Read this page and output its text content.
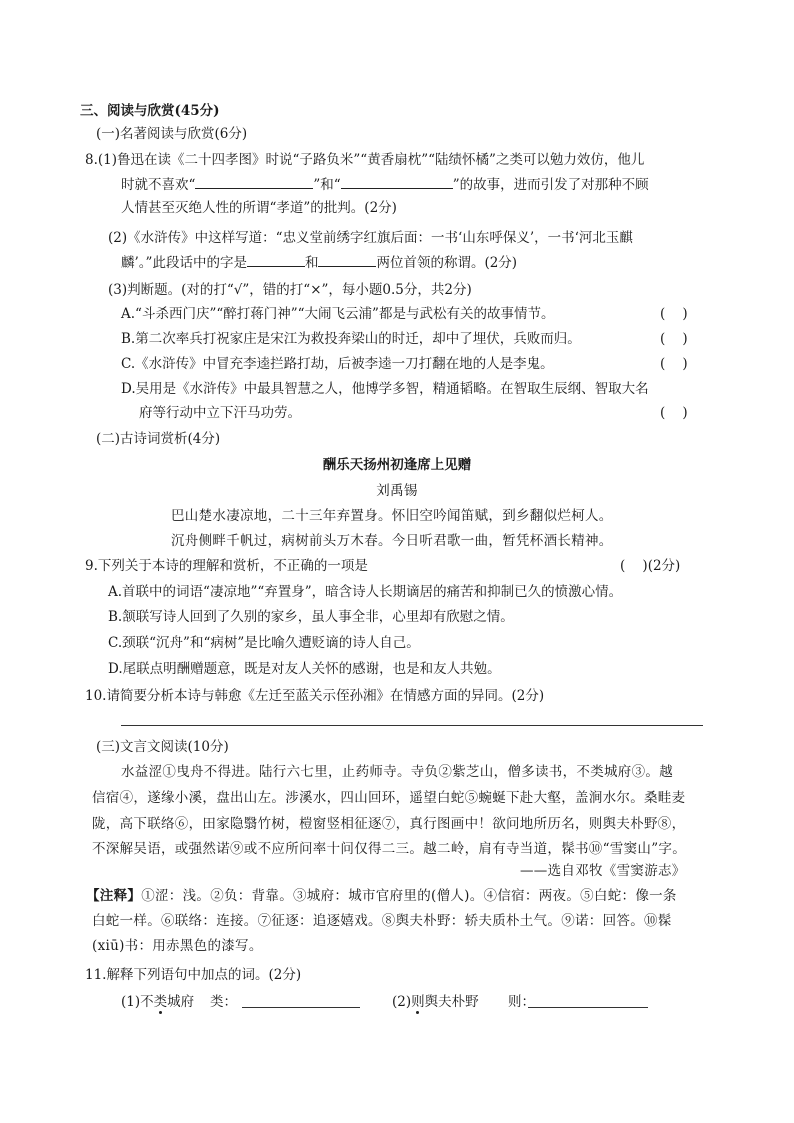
三、阅读与欣赏(45分)
(一)名著阅读与欣赏(6分)
8.(1)鲁迅在读《二十四孝图》时说“子路负米”“黄香扇枕”“陆绩怀橘”之类可以勉力效仿，他儿
时就不喜欢“	”和“	”的故事，进而引发了对那种不顾
人情甚至灭绝人性的所谓“孝道”的批判。(2分)
(2)《水浒传》中这样写道：“忠义堂前绣字红旗后面：一书‘山东呼保义’，一书‘河北玉麒
麟’。”此段话中的字是	和	两位首领的称谓。(2分)
(3)判断题。(对的打“√”，错的打“×”，每小题0.5分，共2分)
A.“斗杀西门庆”“醉打蒋门神”“大闹飞云浦”都是与武松有关的故事情节。	(    )
B.第二次率兵打祝家庄是宋江为救投奔梁山的时迁，却中了埋伏，兵败而归。	(    )
C.《水浒传》中冒充李逵拦路打劫，后被李逵一刀打翻在地的人是李鬼。	(    )
D.吴用是《水浒传》中最具智慧之人，他博学多智，精通韬略。在智取生辰纲、智取大名
府等行动中立下汗马功劳。	(    )
(二)古诗词赏析(4分)
酬乐天扬州初逢席上见赠
刘禹锡
巴山楚水凄凉地，二十三年弃置身。怀旧空吟闻笛赋，到乡翻似烂柯人。
沉舟侧畔千帆过，病树前头万木春。今日听君歌一曲，暂凭杯酒长精神。
9.下列关于本诗的理解和赏析，不正确的一项是	(    )(2分)
A.首联中的词语“凄凉地”“弃置身”，暗含诗人长期谪居的痛苦和抑制已久的愤激心情。
B.颔联写诗人回到了久别的家乡，虽人事全非，心里却有欣慰之情。
C.颈联“沉舟”和“病树”是比喻久遭贬谪的诗人自己。
D.尾联点明酬赠题意，既是对友人关怀的感谢，也是和友人共勉。
10.请简要分析本诗与韩愈《左迁至蓝关示侄孙湘》在情感方面的异同。(2分)
(三)文言文阅读(10分)
水益涩①曳舟不得进。陆行六七里，止药师寺。寺负②紫芝山，僧多读书，不类城府③。越
信宿④，遂缘小溪，盘出山左。涉溪水，四山回环，遥望白蛇⑤蜿蜒下赴大壑，盖涧水尔。桑畦麦
陇，高下联络⑥，田家隐翳竹树，榿窗竖相征逐⑦，真行图画中！欲问地所历名，则舆夫朴野⑧，
不深解吴语，或强然诺⑨或不应所问率十问仅得二三。越二岭，肩有寺当道，髹书⑩“雪窦山”字。
——选自邓牧《雪窦游志》
【注释】①涩：浅。②负：背靠。③城府：城市官府里的(僧人)。④信宿：两夜。⑤白蛇：像一条
白蛇一样。⑥联络：连接。⑦征逐：追逐嬉戏。⑧舆夫朴野：轿夫质朴土气。⑨诺：回答。⑩髹
(xiū)书：用赤黑色的漆写。
11.解释下列语句中加点的词。(2分)
(1)不类城府 类：	(2)则舆夫朴野 则：
